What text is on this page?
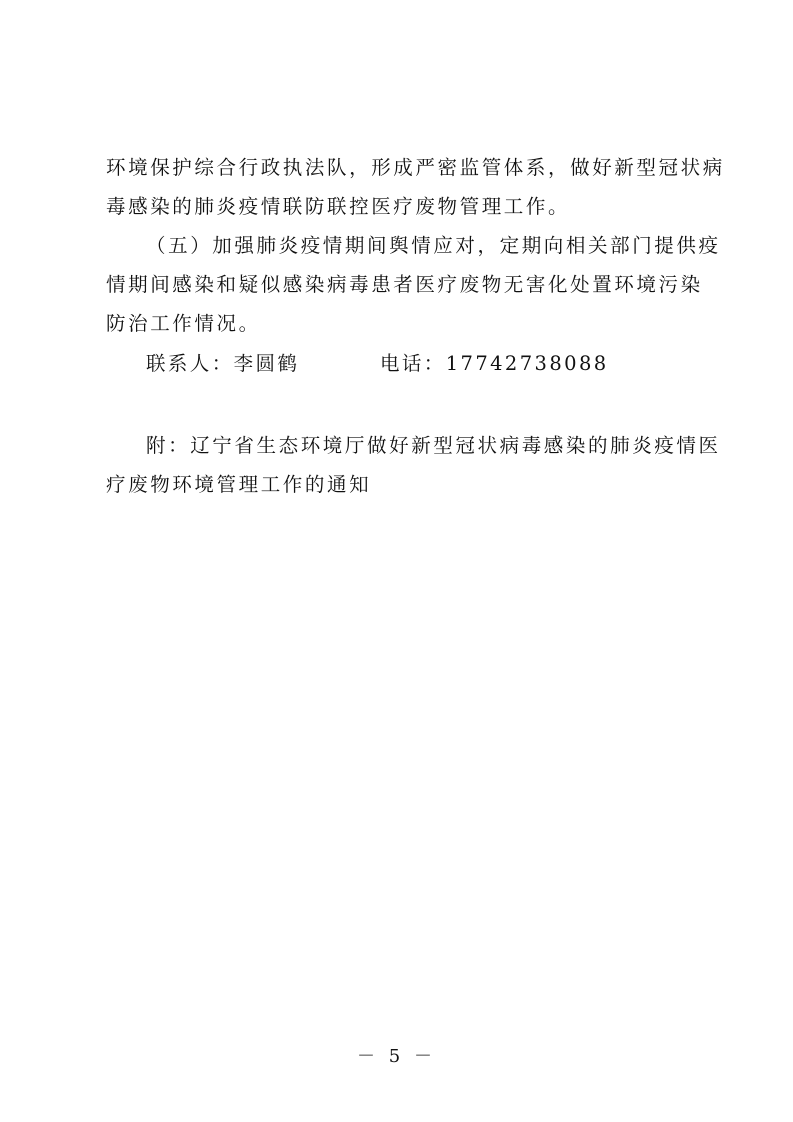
环境保护综合行政执法队，形成严密监管体系，做好新型冠状病
毒感染的肺炎疫情联防联控医疗废物管理工作。
（五）加强肺炎疫情期间舆情应对，定期向相关部门提供疫
情期间感染和疑似感染病毒患者医疗废物无害化处置环境污染
防治工作情况。
联系人：李圆鹤	电话：17742738088
附：辽宁省生态环境厅做好新型冠状病毒感染的肺炎疫情医
疗废物环境管理工作的通知
－ 5 －
